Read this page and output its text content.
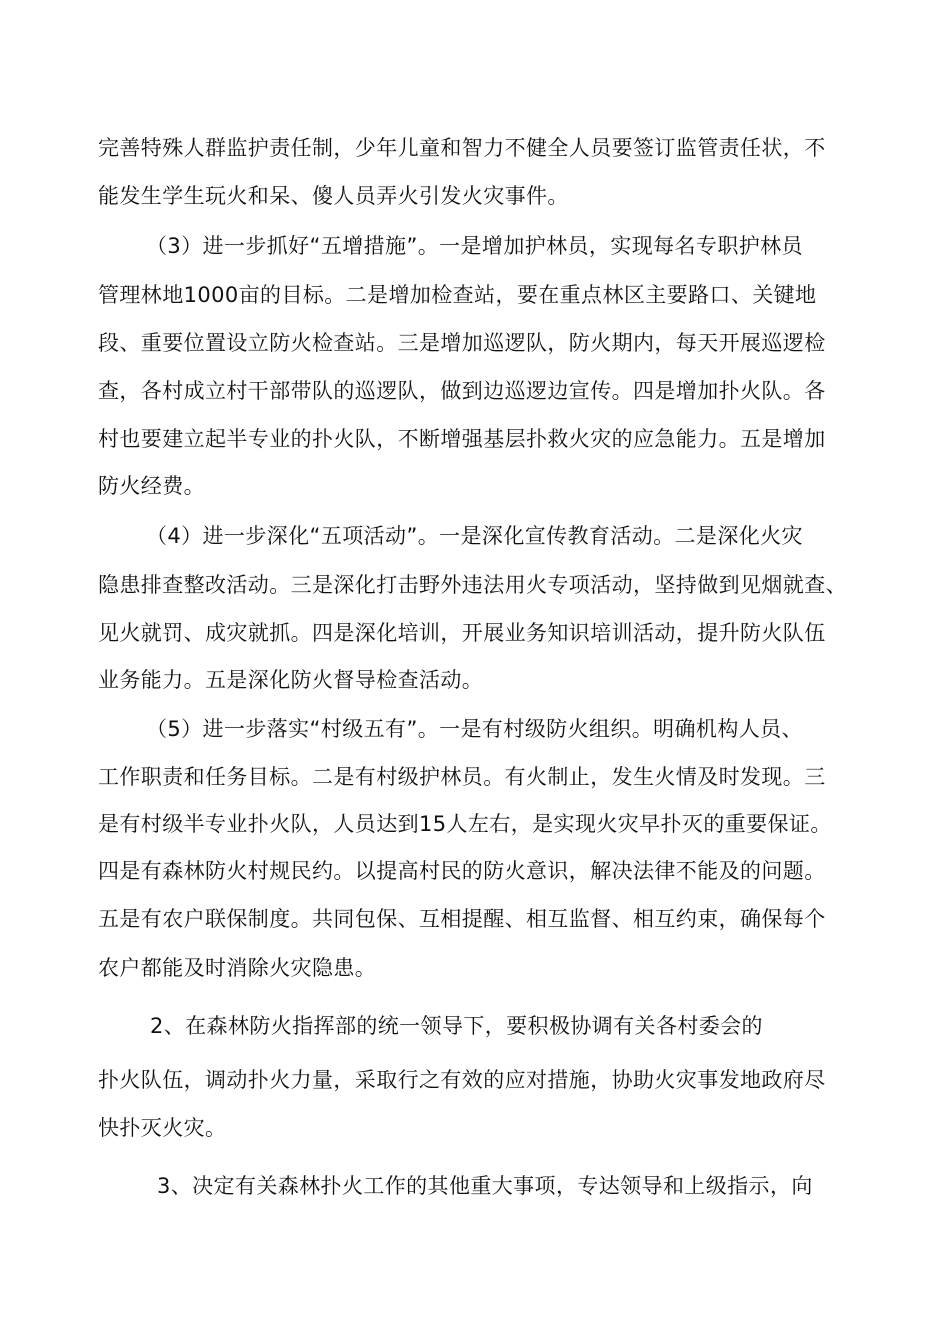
完善特殊人群监护责任制，少年儿童和智力不健全人员要签订监管责任状，不
能发生学生玩火和呆、傻人员弄火引发火灾事件。
（3）进一步抓好“五增措施”。一是增加护林员，实现每名专职护林员
管理林地1000亩的目标。二是增加检查站，要在重点林区主要路口、关键地
段、重要位置设立防火检查站。三是增加巡逻队，防火期内，每天开展巡逻检
查，各村成立村干部带队的巡逻队，做到边巡逻边宣传。四是增加扑火队。各
村也要建立起半专业的扑火队，不断增强基层扑救火灾的应急能力。五是增加
防火经费。
（4）进一步深化“五项活动”。一是深化宣传教育活动。二是深化火灾
隐患排查整改活动。三是深化打击野外违法用火专项活动，坚持做到见烟就查、
见火就罚、成灾就抓。四是深化培训，开展业务知识培训活动，提升防火队伍
业务能力。五是深化防火督导检查活动。
（5）进一步落实“村级五有”。一是有村级防火组织。明确机构人员、
工作职责和任务目标。二是有村级护林员。有火制止，发生火情及时发现。三
是有村级半专业扑火队，人员达到15人左右，是实现火灾早扑灭的重要保证。
四是有森林防火村规民约。以提高村民的防火意识，解决法律不能及的问题。
五是有农户联保制度。共同包保、互相提醒、相互监督、相互约束，确保每个
农户都能及时消除火灾隐患。
2、在森林防火指挥部的统一领导下，要积极协调有关各村委会的
扑火队伍，调动扑火力量，采取行之有效的应对措施，协助火灾事发地政府尽
快扑灭火灾。
3、决定有关森林扑火工作的其他重大事项，专达领导和上级指示，向
